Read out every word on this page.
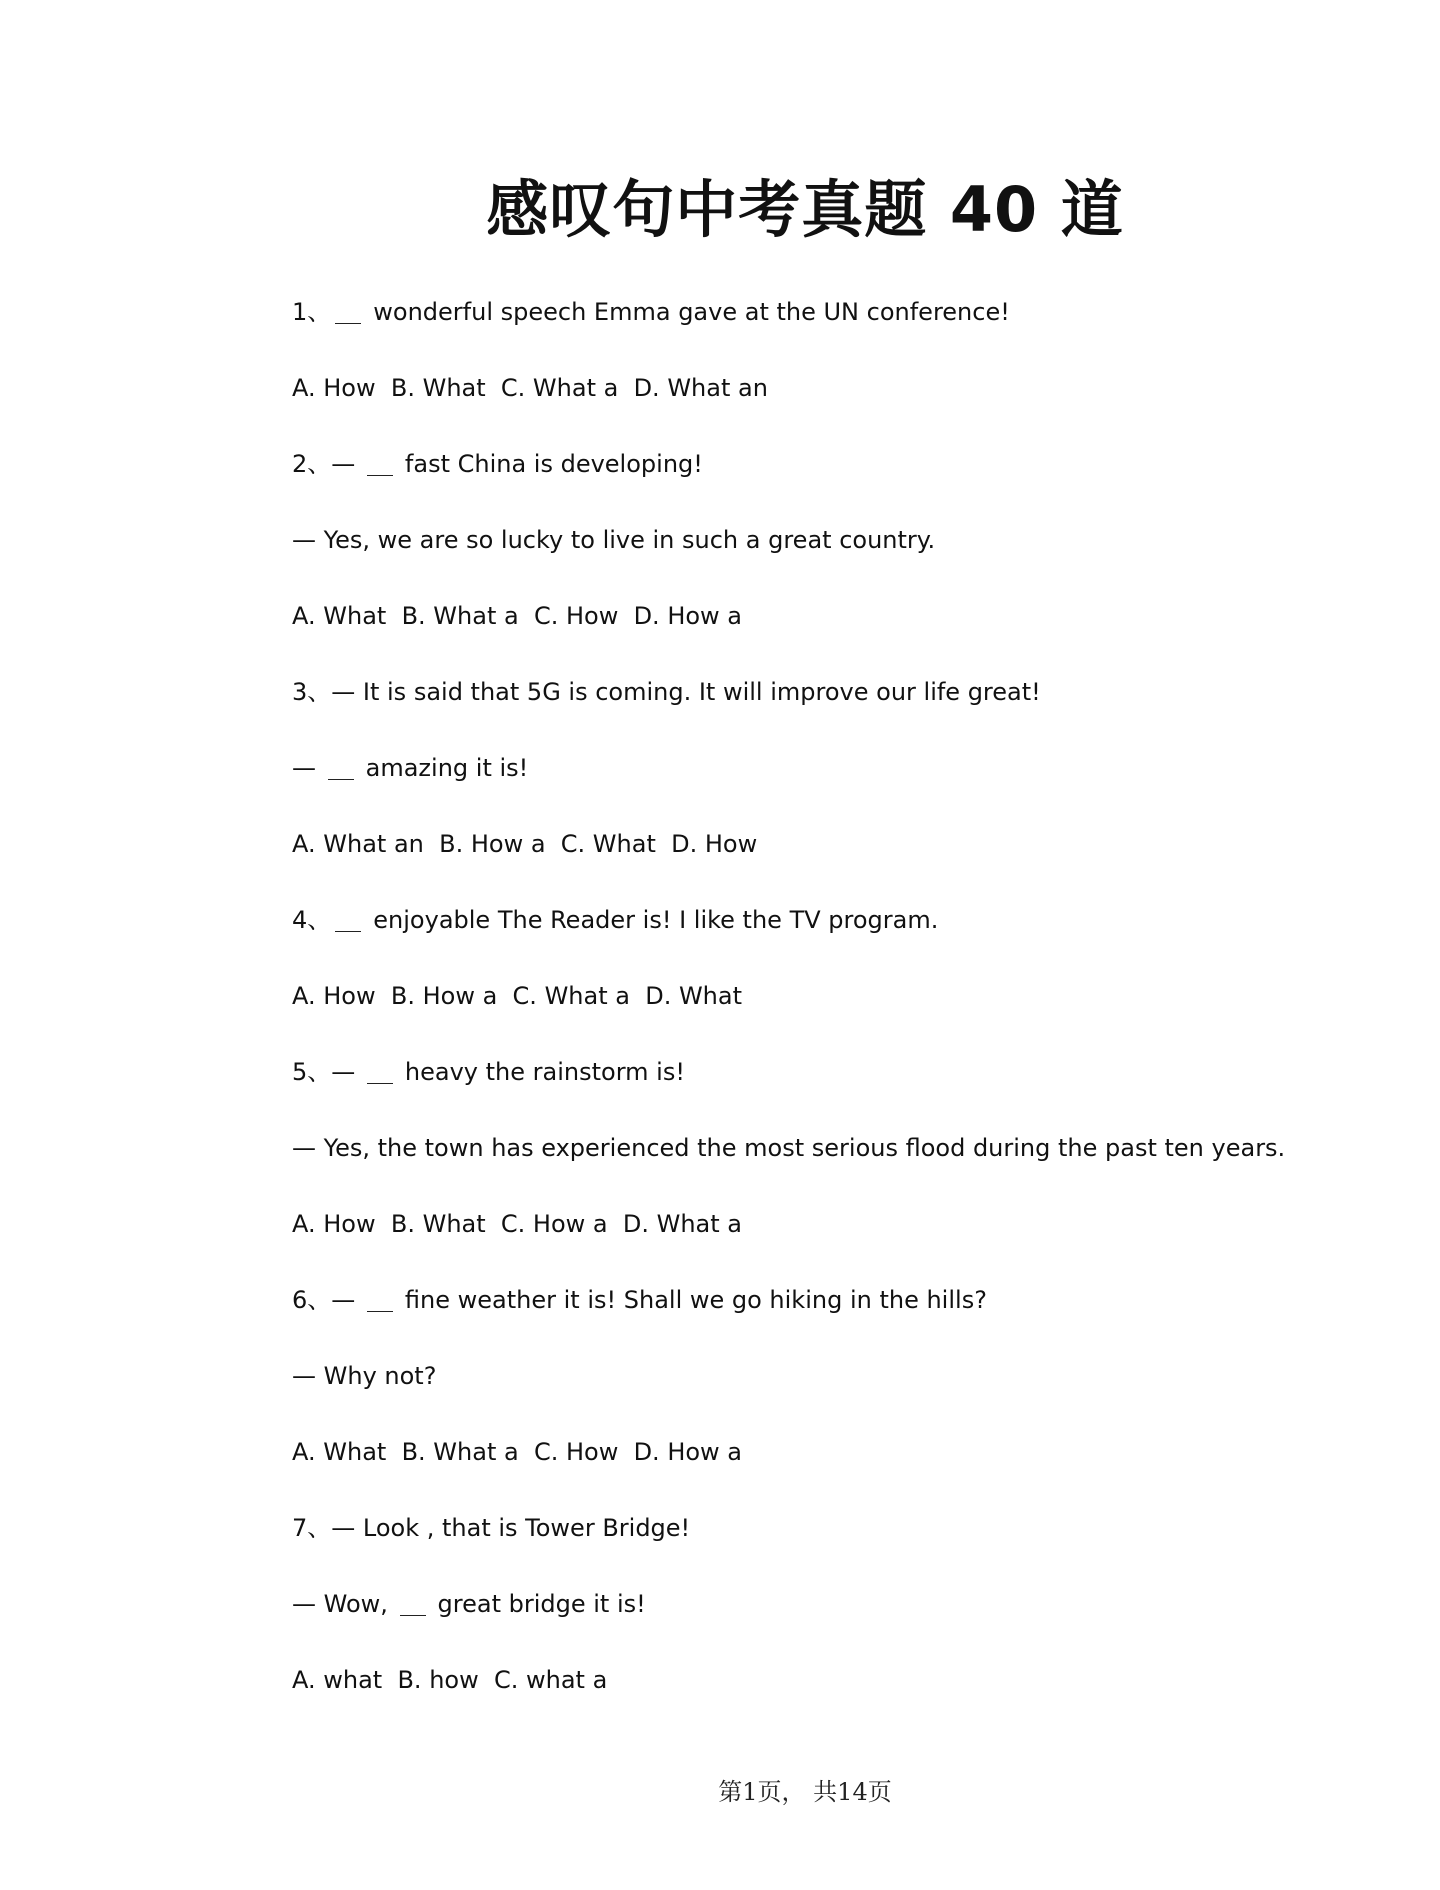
感叹句中考真题 40 道
1、 wonderful speech Emma gave at the UN conference!
A. How  B. What  C. What a  D. What an
2、— fast China is developing!
— Yes, we are so lucky to live in such a great country.
A. What  B. What a  C. How  D. How a
3、— It is said that 5G is coming. It will improve our life great!
— amazing it is!
A. What an  B. How a  C. What  D. How
4、 enjoyable The Reader is! I like the TV program.
A. How  B. How a  C. What a  D. What
5、— heavy the rainstorm is!
— Yes, the town has experienced the most serious flood during the past ten years.
A. How  B. What  C. How a  D. What a
6、— fine weather it is! Shall we go hiking in the hills?
— Why not?
A. What  B. What a  C. How  D. How a
7、— Look , that is Tower Bridge!
— Wow, great bridge it is!
A. what  B. how  C. what a
第1页， 共14页
